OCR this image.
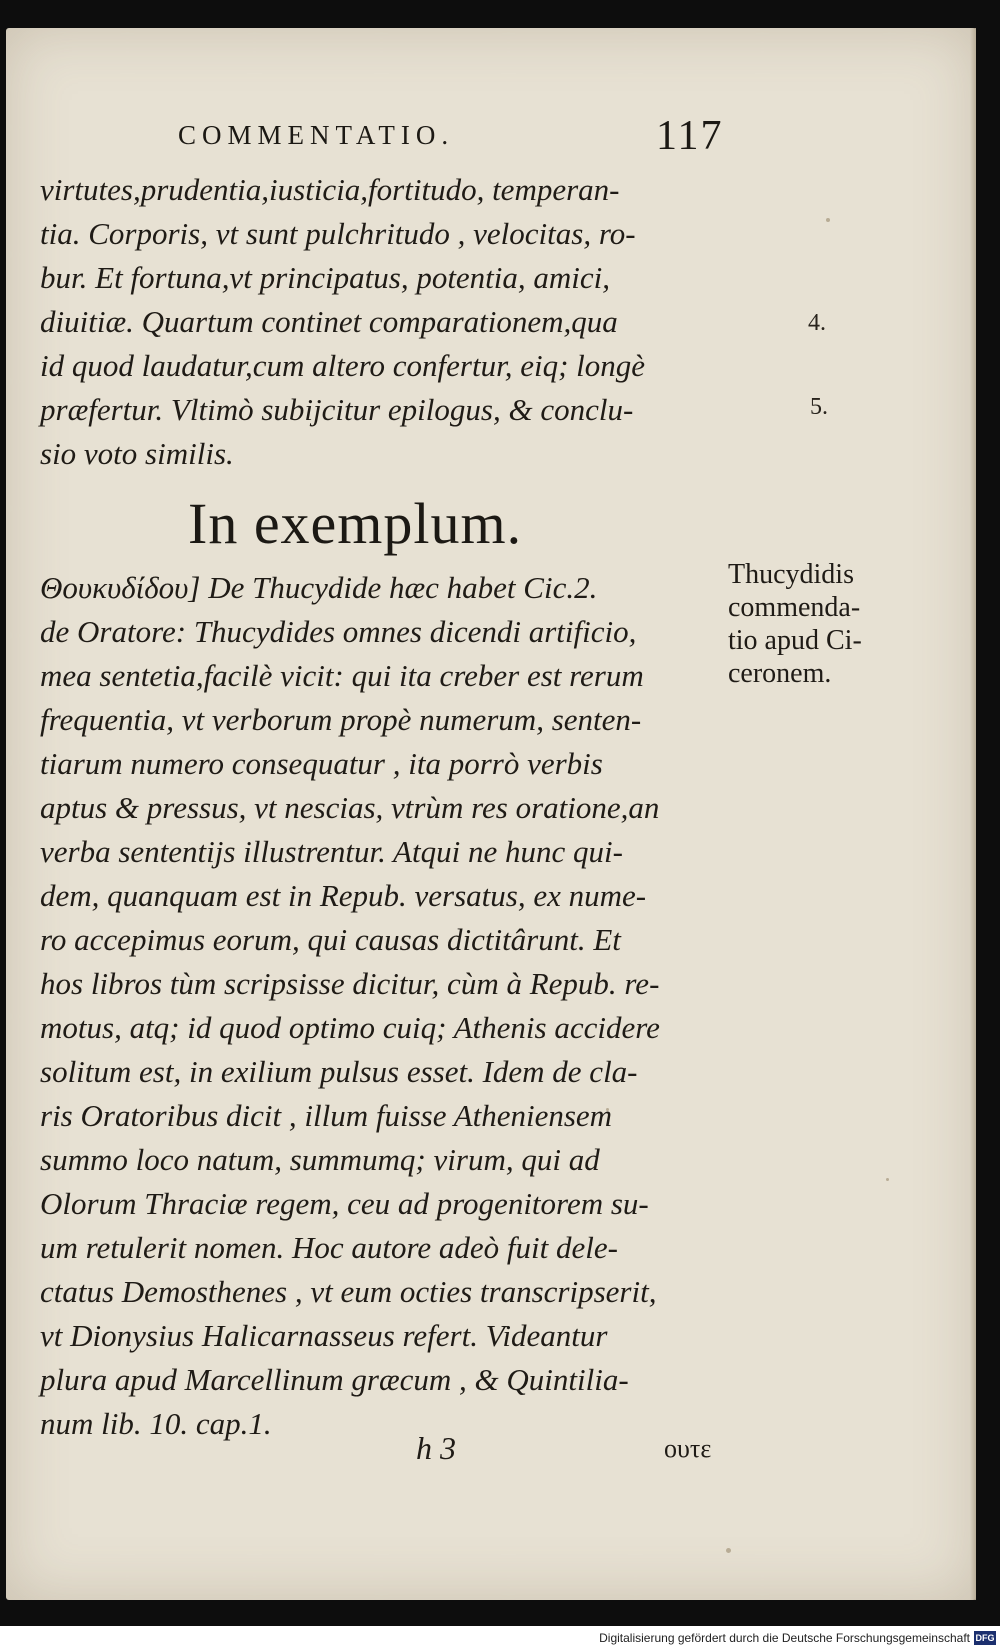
COMMENTATIO.	117
virtutes,prudentia,iusticia,fortitudo, temperan-
tia. Corporis, vt sunt pulchritudo , velocitas, ro-
bur. Et fortuna,vt principatus, potentia, amici,
diuitiæ. Quartum continet comparationem,qua
id quod laudatur,cum altero confertur, eiq; longè
præfertur. Vltimò subijcitur epilogus, & conclu-
sio voto similis.
4.
5.
In exemplum.
Θουκυδίδου] De Thucydide hæc habet Cic.2.
de Oratore: Thucydides omnes dicendi artificio,
mea sentetia,facilè vicit: qui ita creber est rerum
frequentia, vt verborum propè numerum, senten-
tiarum numero consequatur , ita porrò verbis
aptus & pressus, vt nescias, vtrùm res oratione,an
verba sententijs illustrentur. Atqui ne hunc qui-
dem, quanquam est in Repub. versatus, ex nume-
ro accepimus eorum, qui causas dictitârunt. Et
hos libros tùm scripsisse dicitur, cùm à Repub. re-
motus, atq; id quod optimo cuiq; Athenis accidere
solitum est, in exilium pulsus esset. Idem de cla-
ris Oratoribus dicit , illum fuisse Atheniensem
summo loco natum, summumq; virum, qui ad
Olorum Thraciæ regem, ceu ad progenitorem su-
um retulerit nomen. Hoc autore adeò fuit dele-
ctatus Demosthenes , vt eum octies transcripserit,
vt Dionysius Halicarnasseus refert. Videantur
plura apud Marcellinum græcum , & Quintilia-
num lib. 10. cap.1.
Thucydidis
commenda-
tio apud Ci-
ceronem.
h 3	ουτε
Digitalisierung gefördert durch die Deutsche Forschungsgemeinschaft DFG
